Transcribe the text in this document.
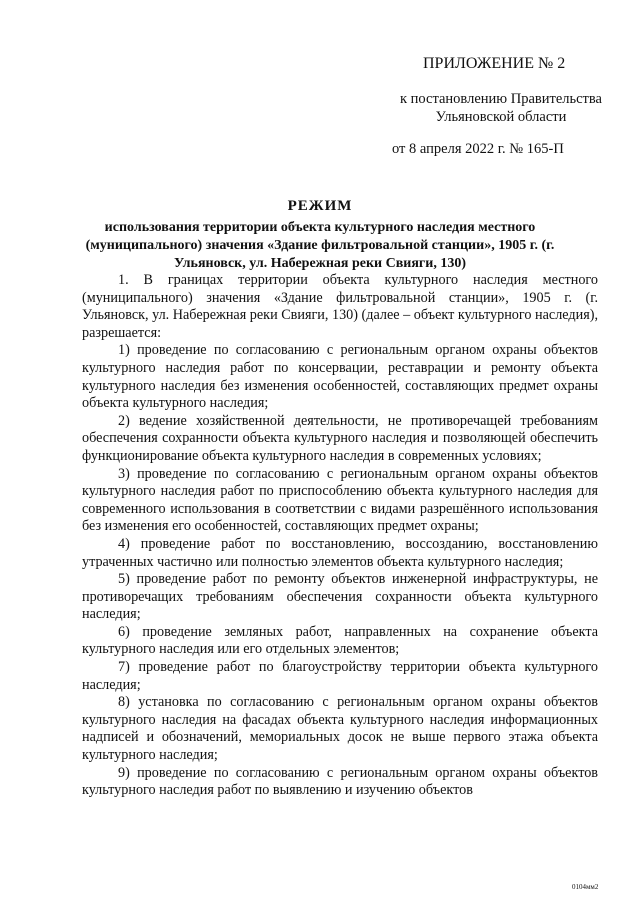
ПРИЛОЖЕНИЕ № 2
к постановлению Правительства
Ульяновской области
от 8 апреля 2022 г. № 165-П
РЕЖИМ
использования территории объекта культурного наследия местного (муниципального) значения «Здание фильтровальной станции», 1905 г. (г. Ульяновск, ул. Набережная реки Свияги, 130)

1. В границах территории объекта культурного наследия местного (муниципального) значения «Здание фильтровальной станции», 1905 г. (г. Ульяновск, ул. Набережная реки Свияги, 130) (далее – объект культурного наследия), разрешается:

1) проведение по согласованию с региональным органом охраны объектов культурного наследия работ по консервации, реставрации и ремонту объекта культурного наследия без изменения особенностей, составляющих предмет охраны объекта культурного наследия;

2) ведение хозяйственной деятельности, не противоречащей требованиям обеспечения сохранности объекта культурного наследия и позволяющей обеспечить функционирование объекта культурного наследия в современных условиях;

3) проведение по согласованию с региональным органом охраны объектов культурного наследия работ по приспособлению объекта культурного наследия для современного использования в соответствии с видами разрешённого использования без изменения его особенностей, составляющих предмет охраны;

4) проведение работ по восстановлению, воссозданию, восстановлению утраченных частично или полностью элементов объекта культурного наследия;

5) проведение работ по ремонту объектов инженерной инфраструктуры, не противоречащих требованиям обеспечения сохранности объекта культурного наследия;

6) проведение земляных работ, направленных на сохранение объекта культурного наследия или его отдельных элементов;

7) проведение работ по благоустройству территории объекта культурного наследия;

8) установка по согласованию с региональным органом охраны объектов культурного наследия на фасадах объекта культурного наследия информационных надписей и обозначений, мемориальных досок не выше первого этажа объекта культурного наследия;

9) проведение по согласованию с региональным органом охраны объектов культурного наследия работ по выявлению и изучению объектов

0104мм2
